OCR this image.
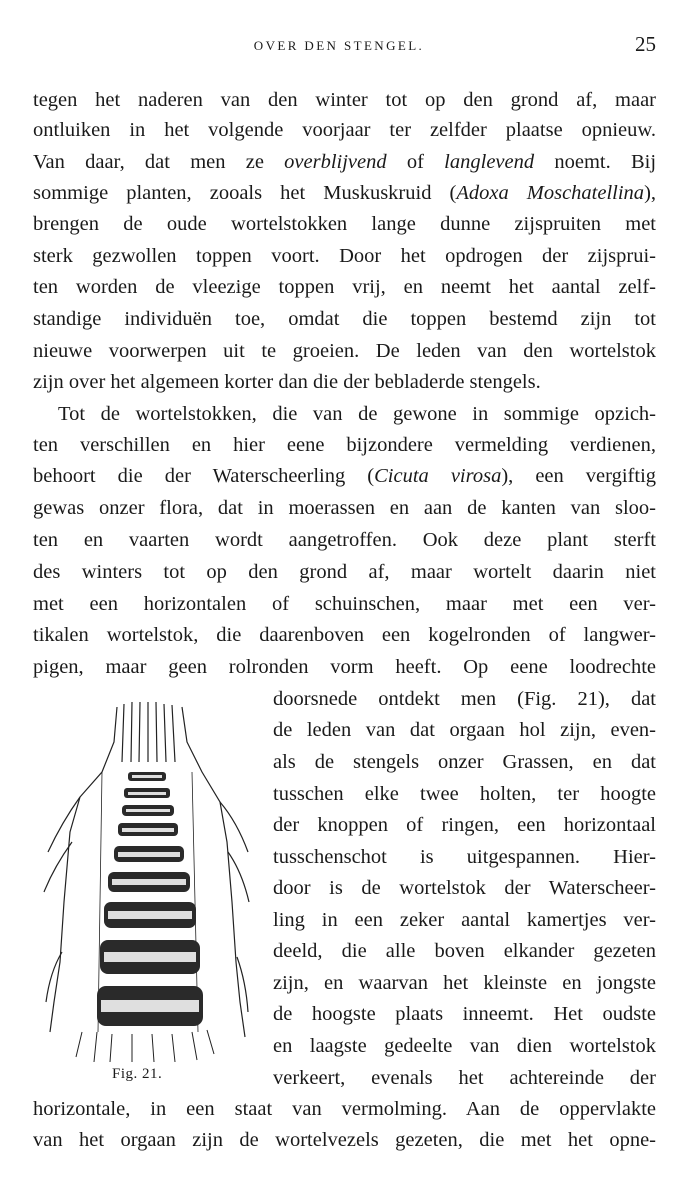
OVER DEN STENGEL.	25
tegen het naderen van den winter tot op den grond af, maar
ontluiken in het volgende voorjaar ter zelfder plaatse opnieuw.
Van daar, dat men ze overblijvend of langlevend noemt. Bij
sommige planten, zooals het Muskuskruid (Adoxa Moschatellina),
brengen de oude wortelstokken lange dunne zijspruiten met
sterk gezwollen toppen voort. Door het opdrogen der zijsprui-
ten worden de vleezige toppen vrij, en neemt het aantal zelf-
standige individuën toe, omdat die toppen bestemd zijn tot
nieuwe voorwerpen uit te groeien. De leden van den wortelstok
zijn over het algemeen korter dan die der bebladerde stengels.
Tot de wortelstokken, die van de gewone in sommige opzich-
ten verschillen en hier eene bijzondere vermelding verdienen,
behoort die der Waterscheerling (Cicuta virosa), een vergiftig
gewas onzer flora, dat in moerassen en aan de kanten van sloo-
ten en vaarten wordt aangetroffen. Ook deze plant sterft
des winters tot op den grond af, maar wortelt daarin niet
met een horizontalen of schuinschen, maar met een ver-
tikalen wortelstok, die daarenboven een kogelronden of langwer-
pigen, maar geen rolronden vorm heeft. Op eene loodrechte
doorsnede ontdekt men (Fig. 21), dat
de leden van dat orgaan hol zijn, even-
als de stengels onzer Grassen, en dat
tusschen elke twee holten, ter hoogte
der knoppen of ringen, een horizontaal
tusschenschot is uitgespannen. Hier-
door is de wortelstok der Waterscheer-
ling in een zeker aantal kamertjes ver-
deeld, die alle boven elkander gezeten
zijn, en waarvan het kleinste en jongste
de hoogste plaats inneemt. Het oudste
en laagste gedeelte van dien wortelstok
verkeert, evenals het achtereinde der
horizontale, in een staat van vermolming. Aan de oppervlakte
van het orgaan zijn de wortelvezels gezeten, die met het opne-
Fig. 21.
